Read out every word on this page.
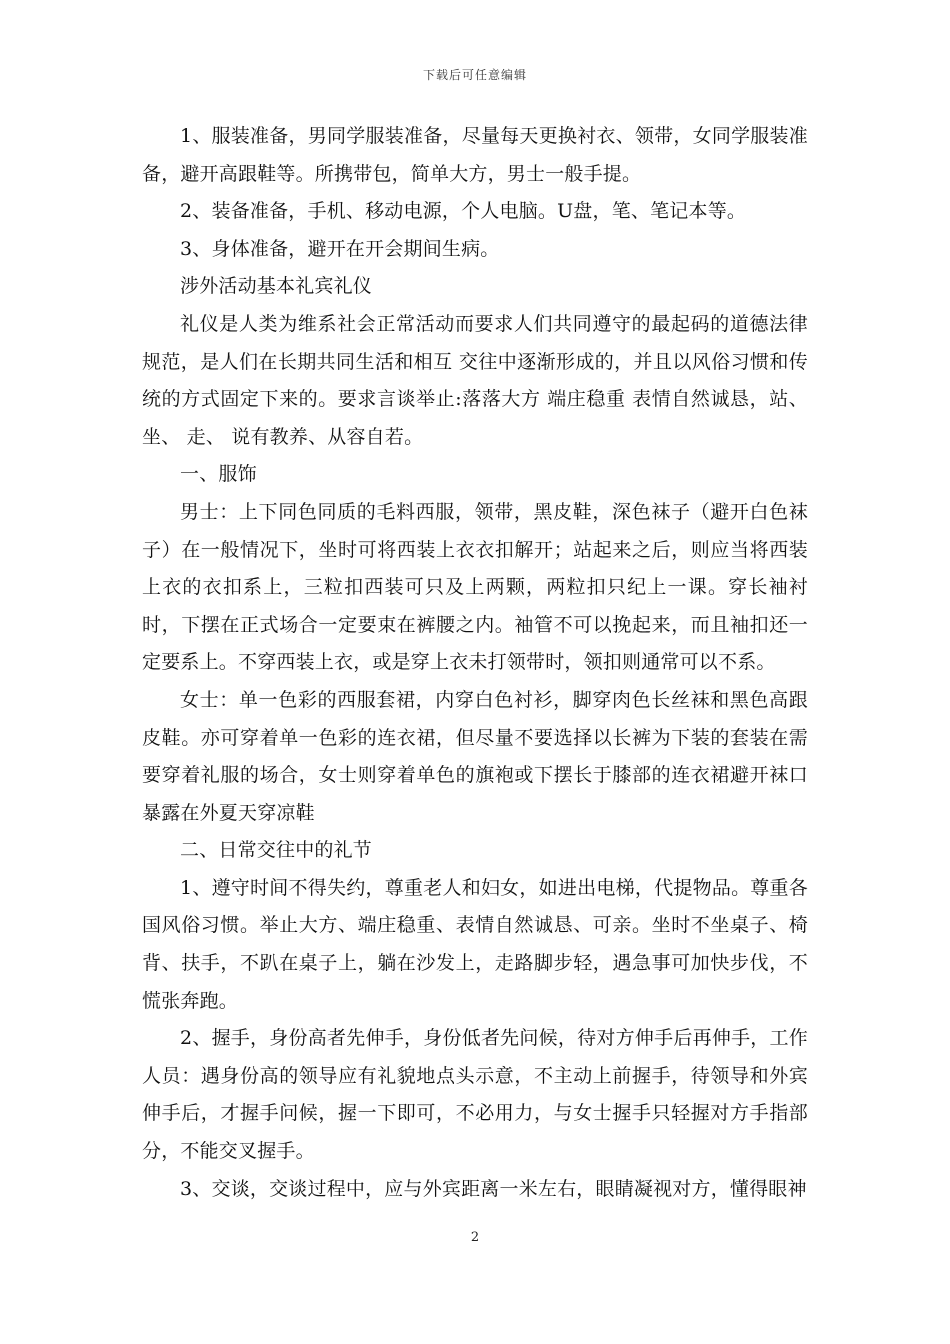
下载后可任意编辑

1、服装准备，男同学服装准备，尽量每天更换衬衣、领带，女同学服装准备，避开高跟鞋等。所携带包，简单大方，男士一般手提。

2、装备准备，手机、移动电源，个人电脑。U盘，笔、笔记本等。

3、身体准备，避开在开会期间生病。

涉外活动基本礼宾礼仪

礼仪是人类为维系社会正常活动而要求人们共同遵守的最起码的道德法律规范，是人们在长期共同生活和相互 交往中逐渐形成的，并且以风俗习惯和传统的方式固定下来的。要求言谈举止:落落大方 端庄稳重 表情自然诚恳，站、坐、 走、 说有教养、从容自若。

一、服饰

男士：上下同色同质的毛料西服，领带，黑皮鞋，深色袜子（避开白色袜子）在一般情况下，坐时可将西装上衣衣扣解开；站起来之后，则应当将西装上衣的衣扣系上，三粒扣西装可只及上两颗，两粒扣只纪上一课。穿长袖衬时，下摆在正式场合一定要束在裤腰之内。袖管不可以挽起来，而且袖扣还一定要系上。不穿西装上衣，或是穿上衣未打领带时，领扣则通常可以不系。

女士：单一色彩的西服套裙，内穿白色衬衫，脚穿肉色长丝袜和黑色高跟皮鞋。亦可穿着单一色彩的连衣裙，但尽量不要选择以长裤为下装的套装在需要穿着礼服的场合，女士则穿着单色的旗袍或下摆长于膝部的连衣裙避开袜口暴露在外夏天穿凉鞋

二、日常交往中的礼节

1、遵守时间不得失约，尊重老人和妇女，如进出电梯，代提物品。尊重各国风俗习惯。举止大方、端庄稳重、表情自然诚恳、可亲。坐时不坐桌子、椅背、扶手，不趴在桌子上，躺在沙发上，走路脚步轻，遇急事可加快步伐，不慌张奔跑。

2、握手，身份高者先伸手，身份低者先问候，待对方伸手后再伸手，工作人员：遇身份高的领导应有礼貌地点头示意，不主动上前握手，待领导和外宾伸手后，才握手问候，握一下即可，不必用力，与女士握手只轻握对方手指部分，不能交叉握手。

3、交谈，交谈过程中，应与外宾距离一米左右，眼睛凝视对方，懂得眼神

2
